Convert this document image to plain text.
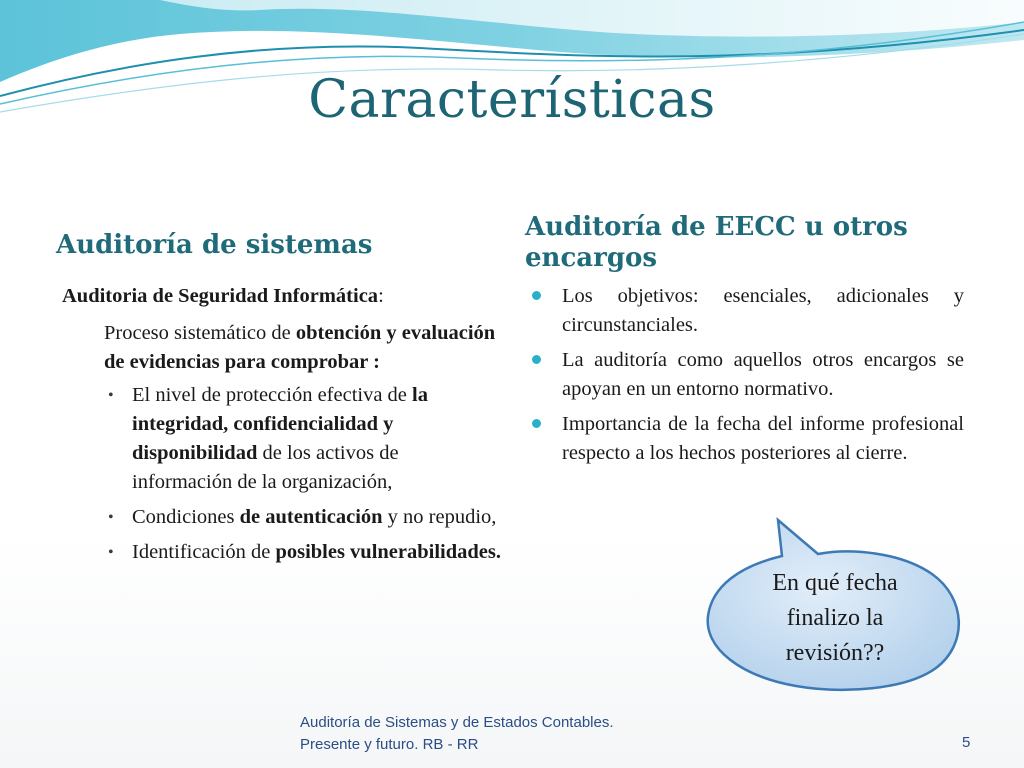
Características
Auditoría de sistemas
Auditoría de EECC u otros encargos

Auditoria de Seguridad Informática:

Proceso sistemático de obtención y evaluación de evidencias para comprobar :

• El nivel de protección efectiva de la integridad, confidencialidad y disponibilidad de los activos de información de la organización,
• Condiciones de autenticación y no repudio,
• Identificación de posibles vulnerabilidades.
Los objetivos: esenciales, adicionales y circunstanciales.
La auditoría como aquellos otros encargos se apoyan en un entorno normativo.
Importancia de la fecha del informe profesional respecto a los hechos posteriores al cierre.
En qué fecha
finalizo la
revisión??
Auditoría de Sistemas y de Estados Contables.
Presente y futuro. RB - RR	5
